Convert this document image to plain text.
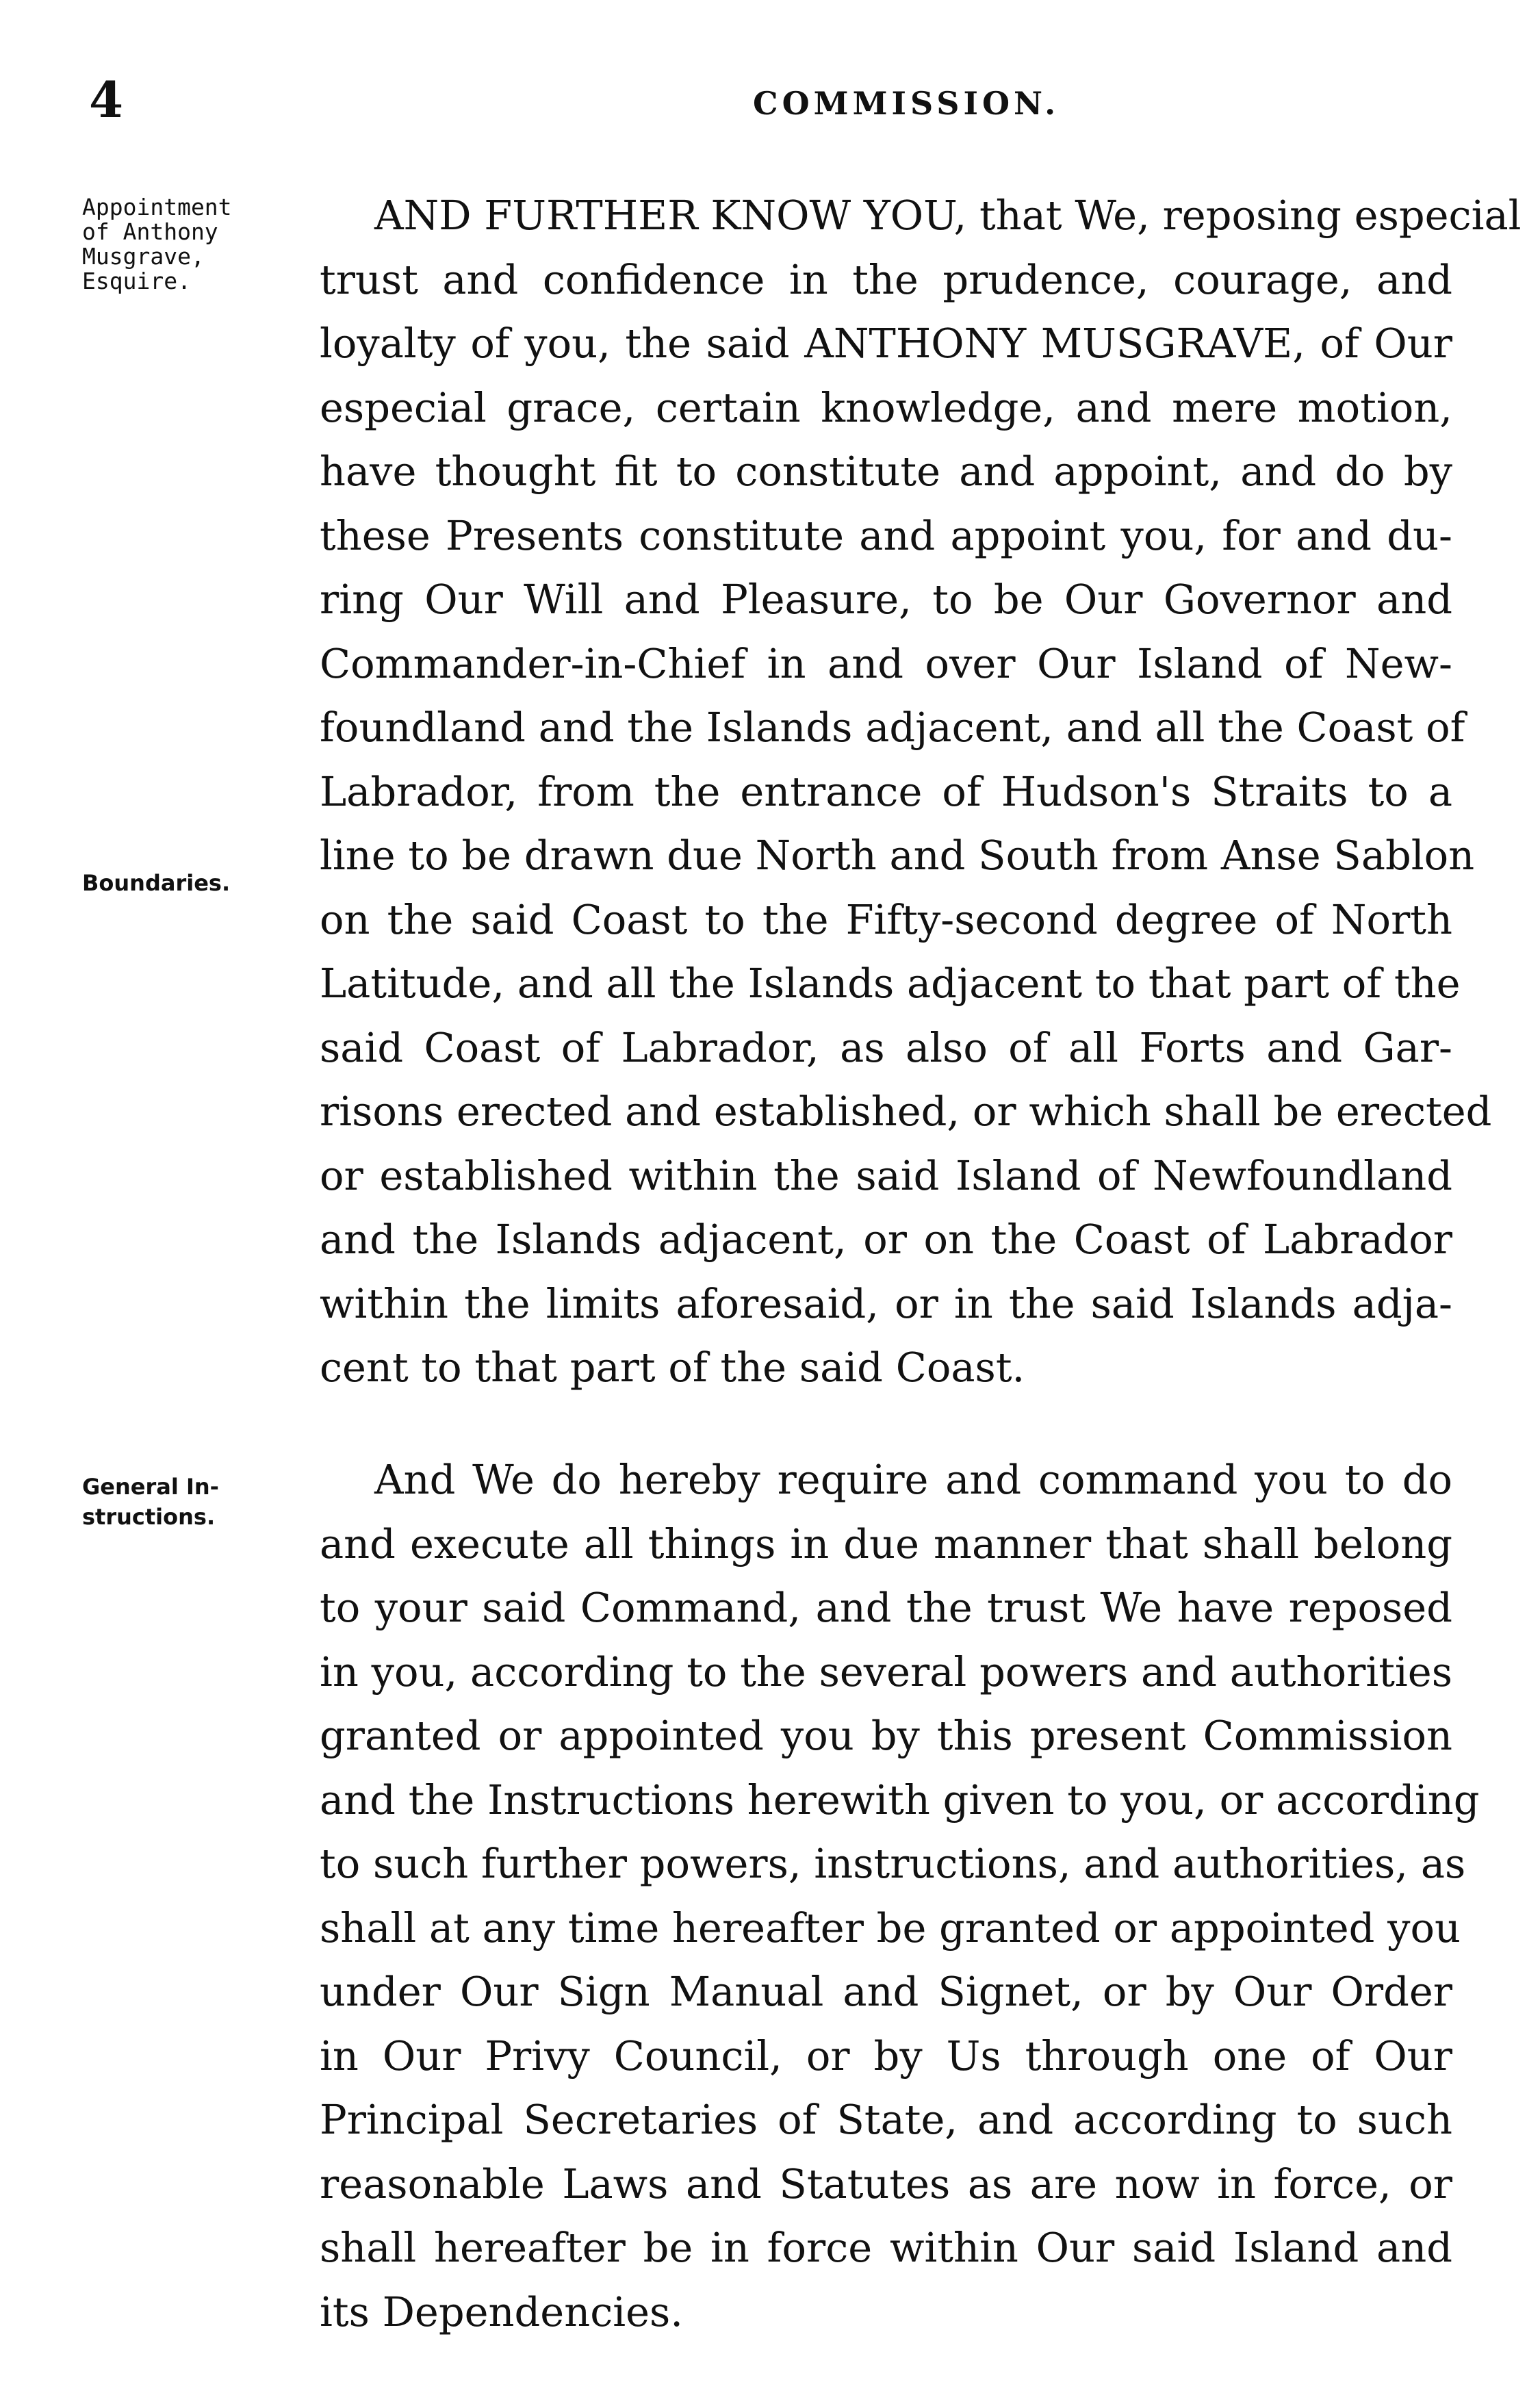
4	COMMISSION.
Appointment
of Anthony
Musgrave,
Esquire.
Boundaries.
General In-
structions.
AND FURTHER KNOW YOU, that We, reposing especial
trust and confidence in the prudence, courage, and
loyalty of you, the said ANTHONY MUSGRAVE, of Our
especial grace, certain knowledge, and mere motion,
have thought fit to constitute and appoint, and do by
these Presents constitute and appoint you, for and du-
ring Our Will and Pleasure, to be Our Governor and
Commander-in-Chief in and over Our Island of New-
foundland and the Islands adjacent, and all the Coast of
Labrador, from the entrance of Hudson's Straits to a
line to be drawn due North and South from Anse Sablon
on the said Coast to the Fifty-second degree of North
Latitude, and all the Islands adjacent to that part of the
said Coast of Labrador, as also of all Forts and Gar-
risons erected and established, or which shall be erected
or established within the said Island of Newfoundland
and the Islands adjacent, or on the Coast of Labrador
within the limits aforesaid, or in the said Islands adja-
cent to that part of the said Coast.
And We do hereby require and command you to do
and execute all things in due manner that shall belong
to your said Command, and the trust We have reposed
in you, according to the several powers and authorities
granted or appointed you by this present Commission
and the Instructions herewith given to you, or according
to such further powers, instructions, and authorities, as
shall at any time hereafter be granted or appointed you
under Our Sign Manual and Signet, or by Our Order
in Our Privy Council, or by Us through one of Our
Principal Secretaries of State, and according to such
reasonable Laws and Statutes as are now in force, or
shall hereafter be in force within Our said Island and
its Dependencies.
